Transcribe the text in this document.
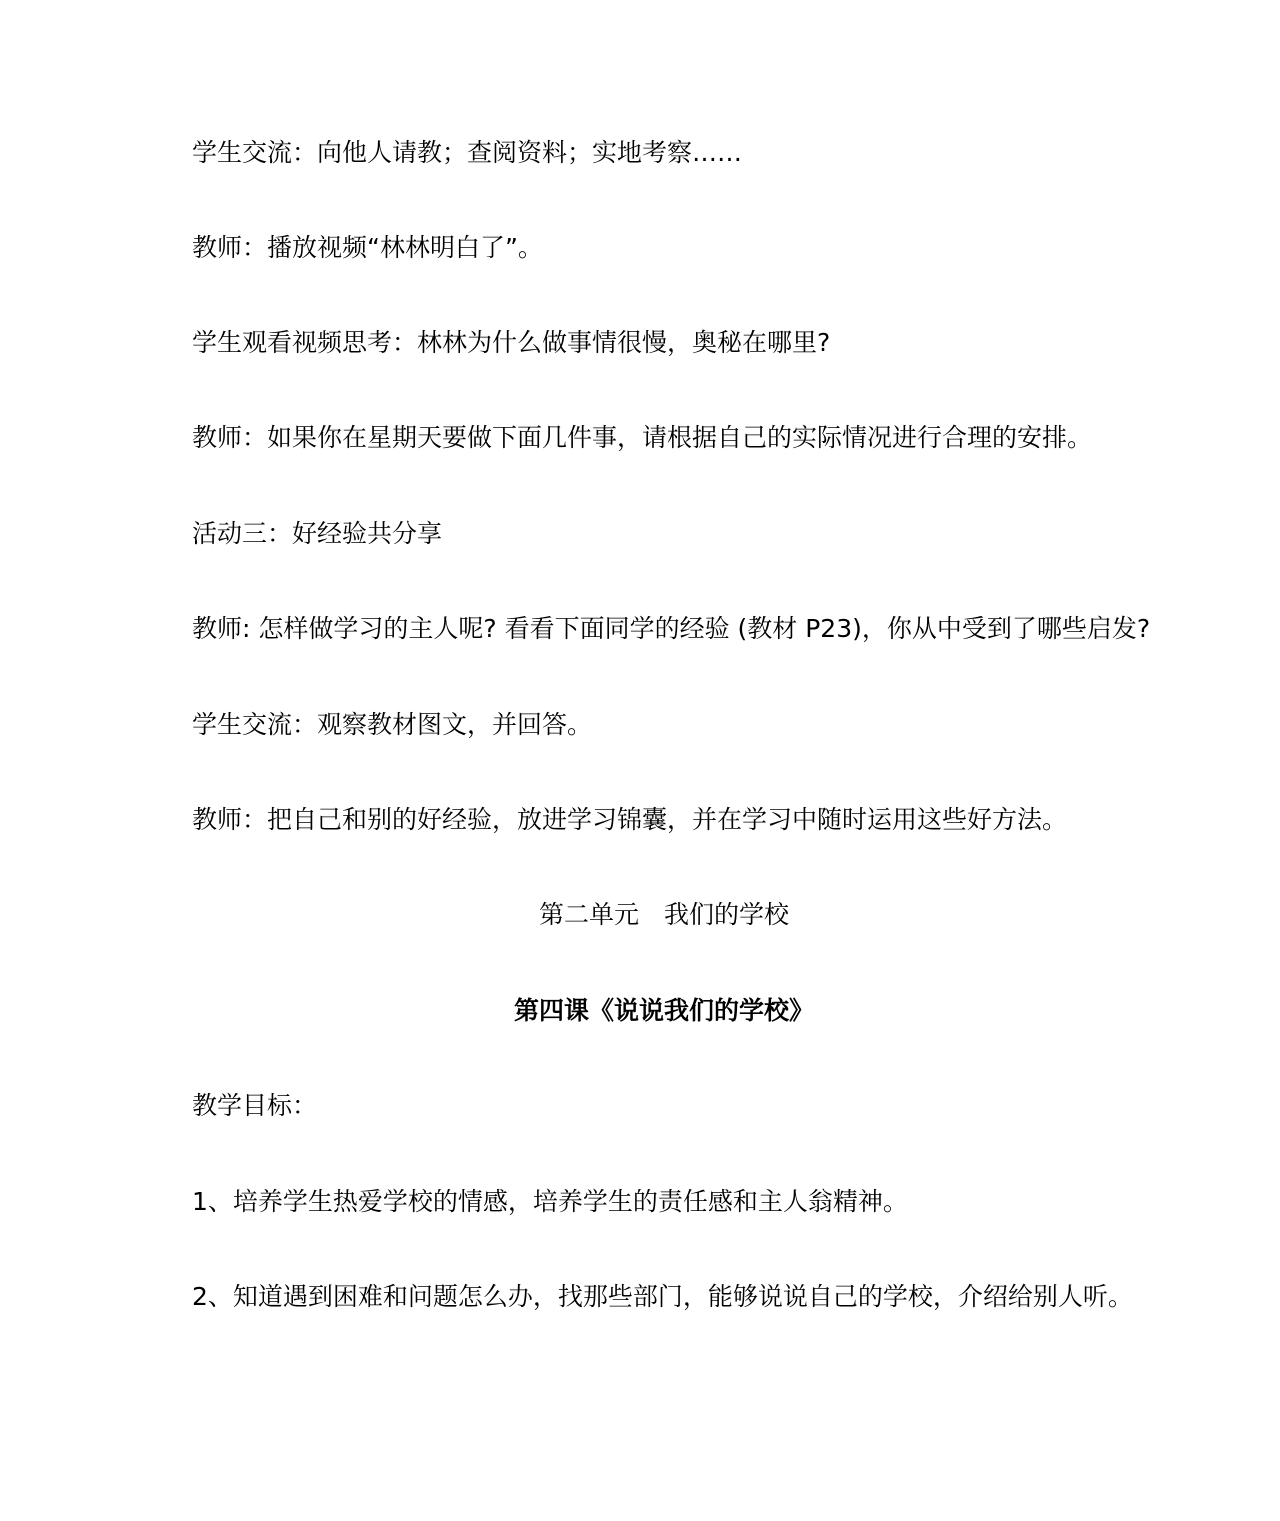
学生交流：向他人请教；查阅资料；实地考察……

教师：播放视频“林林明白了”。

学生观看视频思考：林林为什么做事情很慢，奥秘在哪里?

教师：如果你在星期天要做下面几件事，请根据自己的实际情况进行合理的安排。

活动三：好经验共分享

教师: 怎样做学习的主人呢? 看看下面同学的经验 (教材 P23)，你从中受到了哪些启发?

学生交流：观察教材图文，并回答。

教师：把自己和别的好经验，放进学习锦囊，并在学习中随时运用这些好方法。

第二单元　我们的学校
第四课《说说我们的学校》

教学目标：

1、培养学生热爱学校的情感，培养学生的责任感和主人翁精神。

2、知道遇到困难和问题怎么办，找那些部门，能够说说自己的学校，介绍给别人听。
